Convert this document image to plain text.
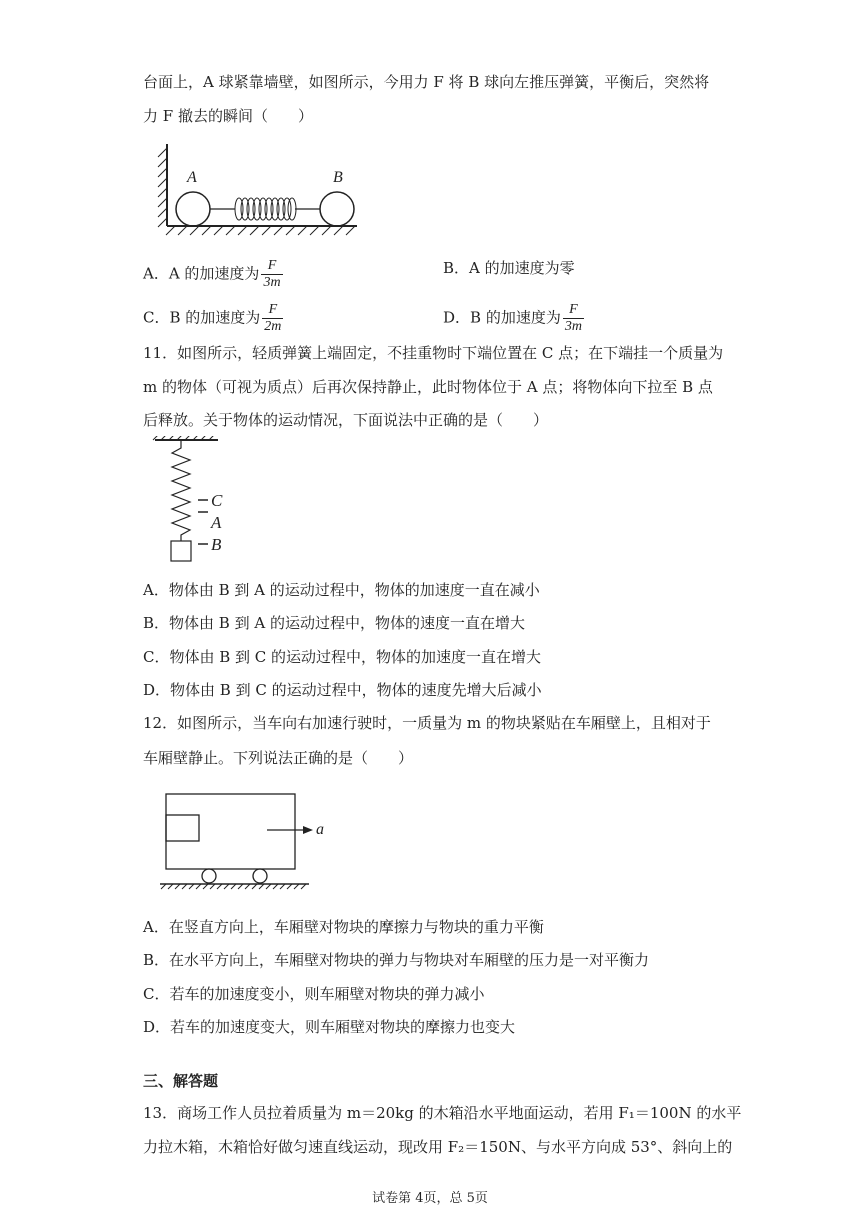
台面上，A 球紧靠墙壁，如图所示，今用力 F 将 B 球向左推压弹簧，平衡后，突然将
力 F 撤去的瞬间（　　）
A	B
A．A 的加速度为 $\frac{F}{3m}$	B．A 的加速度为零
C．B 的加速度为 $\frac{F}{2m}$	D．B 的加速度为 $\frac{F}{3m}$
11．如图所示，轻质弹簧上端固定，不挂重物时下端位置在 C 点；在下端挂一个质量为
m 的物体（可视为质点）后再次保持静止，此时物体位于 A 点；将物体向下拉至 B 点
后释放。关于物体的运动情况，下面说法中正确的是（　　）
C
A
B
A．物体由 B 到 A 的运动过程中，物体的加速度一直在减小
B．物体由 B 到 A 的运动过程中，物体的速度一直在增大
C．物体由 B 到 C 的运动过程中，物体的加速度一直在增大
D．物体由 B 到 C 的运动过程中，物体的速度先增大后减小
12．如图所示，当车向右加速行驶时，一质量为 m 的物块紧贴在车厢壁上，且相对于
车厢壁静止。下列说法正确的是（　　）
a
A．在竖直方向上，车厢壁对物块的摩擦力与物块的重力平衡
B．在水平方向上，车厢壁对物块的弹力与物块对车厢壁的压力是一对平衡力
C．若车的加速度变小，则车厢壁对物块的弹力减小
D．若车的加速度变大，则车厢壁对物块的摩擦力也变大
三、解答题
13．商场工作人员拉着质量为 m＝20kg 的木箱沿水平地面运动，若用 F₁＝100N 的水平
力拉木箱，木箱恰好做匀速直线运动，现改用 F₂＝150N、与水平方向成 53°、斜向上的
试卷第 4页，总 5页
